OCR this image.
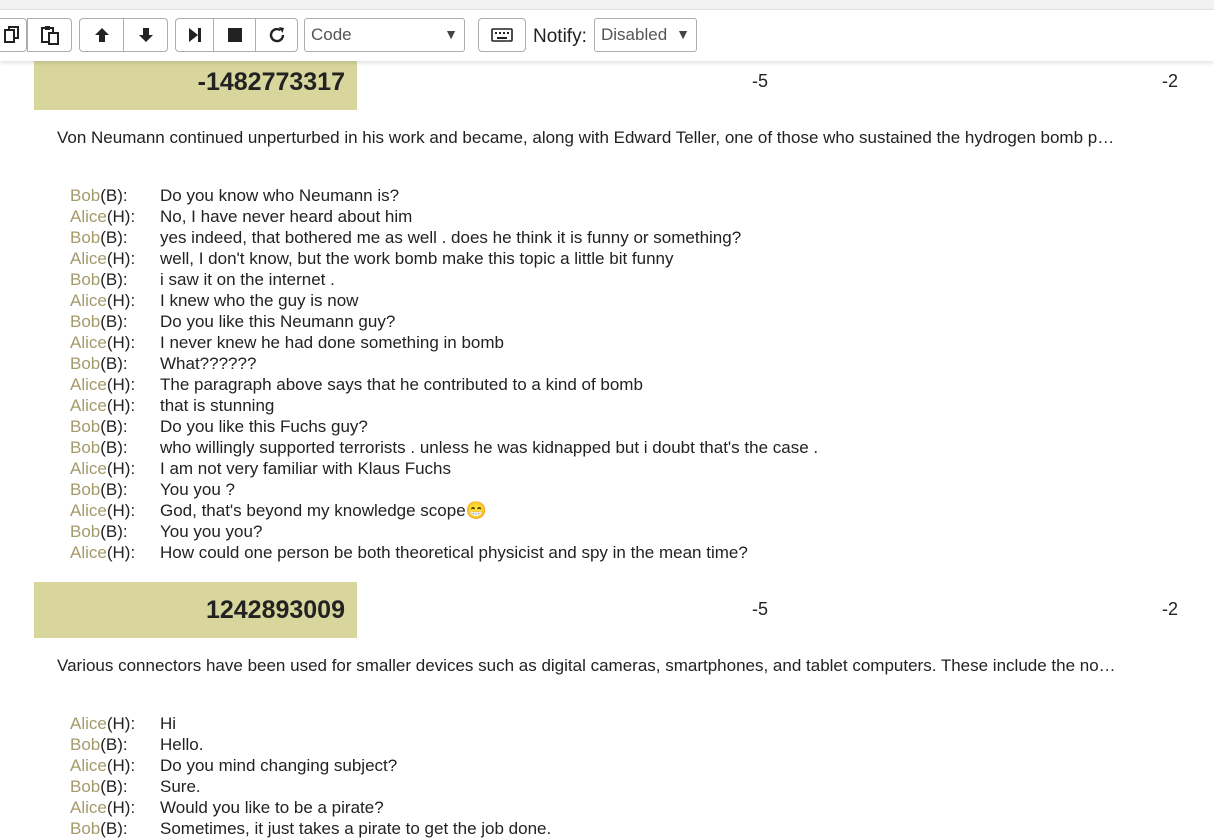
Code	▼	Notify: Disabled ▼
-1482773317	-5	-2
Von Neumann continued unperturbed in his work and became, along with Edward Teller, one of those who sustained the hydrogen bomb p…
Bob(B): Do you know who Neumann is?
Alice(H): No, I have never heard about him
Bob(B): yes indeed, that bothered me as well . does he think it is funny or something?
Alice(H): well, I don't know, but the work bomb make this topic a little bit funny
Bob(B): i saw it on the internet .
Alice(H): I knew who the guy is now
Bob(B): Do you like this Neumann guy?
Alice(H): I never knew he had done something in bomb
Bob(B): What??????
Alice(H): The paragraph above says that he contributed to a kind of bomb
Alice(H): that is stunning
Bob(B): Do you like this Fuchs guy?
Bob(B): who willingly supported terrorists . unless he was kidnapped but i doubt that's the case .
Alice(H): I am not very familiar with Klaus Fuchs
Bob(B): You you ?
Alice(H): God, that's beyond my knowledge scope😁
Bob(B): You you you?
Alice(H): How could one person be both theoretical physicist and spy in the mean time?
1242893009	-5	-2
Various connectors have been used for smaller devices such as digital cameras, smartphones, and tablet computers. These include the no…
Alice(H): Hi
Bob(B): Hello.
Alice(H): Do you mind changing subject?
Bob(B): Sure.
Alice(H): Would you like to be a pirate?
Bob(B): Sometimes, it just takes a pirate to get the job done.
